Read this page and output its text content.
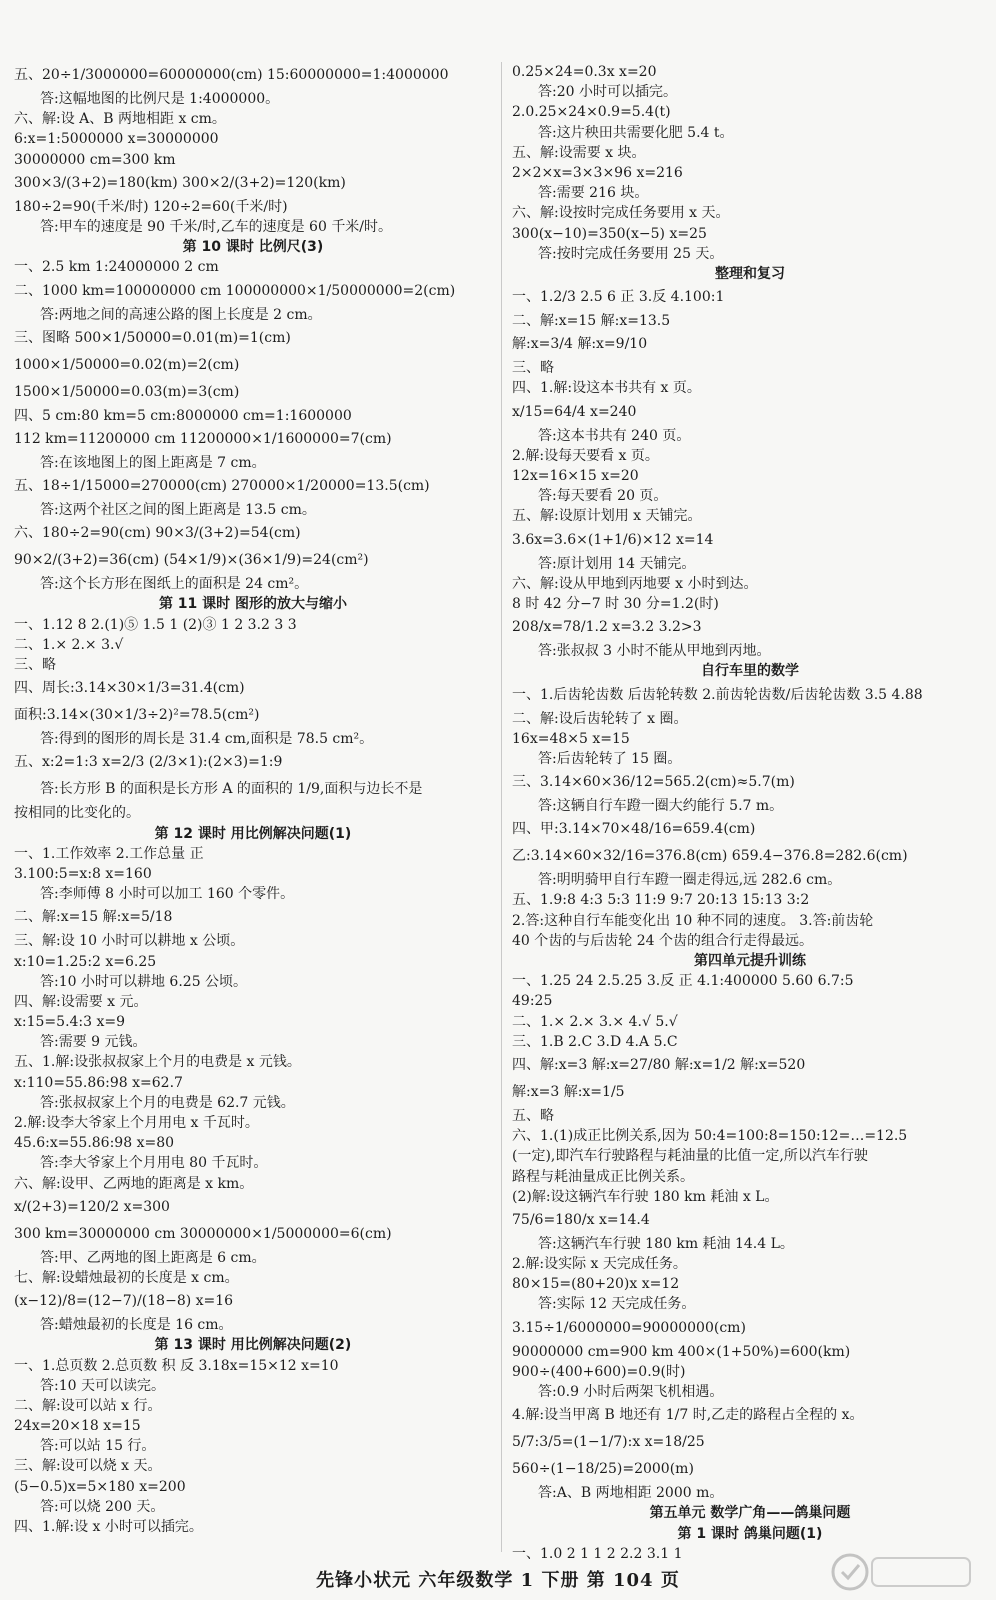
五、20÷1/3000000=60000000(cm) 15:60000000=1:4000000
答:这幅地图的比例尺是 1:4000000。
六、解:设 A、B 两地相距 x cm。
6:x=1:5000000 x=30000000
30000000 cm=300 km
300×3/(3+2)=180(km) 300×2/(3+2)=120(km)
180÷2=90(千米/时) 120÷2=60(千米/时)
答:甲车的速度是 90 千米/时,乙车的速度是 60 千米/时。
第 10 课时 比例尺(3)
一、2.5 km 1:24000000 2 cm
二、1000 km=100000000 cm 100000000×1/50000000=2(cm)
答:两地之间的高速公路的图上长度是 2 cm。
三、图略 500×1/50000=0.01(m)=1(cm)
1000×1/50000=0.02(m)=2(cm)
1500×1/50000=0.03(m)=3(cm)
四、5 cm:80 km=5 cm:8000000 cm=1:1600000
112 km=11200000 cm 11200000×1/1600000=7(cm)
答:在该地图上的图上距离是 7 cm。
五、18÷1/15000=270000(cm) 270000×1/20000=13.5(cm)
答:这两个社区之间的图上距离是 13.5 cm。
六、180÷2=90(cm) 90×3/(3+2)=54(cm)
90×2/(3+2)=36(cm) (54×1/9)×(36×1/9)=24(cm²)
答:这个长方形在图纸上的面积是 24 cm²。
第 11 课时 图形的放大与缩小
一、1.12 8 2.(1)⑤ 1.5 1 (2)③ 1 2 3.2 3 3
二、1.× 2.× 3.√
三、略
四、周长:3.14×30×1/3=31.4(cm)
面积:3.14×(30×1/3÷2)²=78.5(cm²)
答:得到的图形的周长是 31.4 cm,面积是 78.5 cm²。
五、x:2=1:3 x=2/3 (2/3×1):(2×3)=1:9
答:长方形 B 的面积是长方形 A 的面积的 1/9,面积与边长不是
按相同的比变化的。
第 12 课时 用比例解决问题(1)
一、1.工作效率 2.工作总量 正
3.100:5=x:8 x=160
答:李师傅 8 小时可以加工 160 个零件。
二、解:x=15 解:x=5/18
三、解:设 10 小时可以耕地 x 公顷。
x:10=1.25:2 x=6.25
答:10 小时可以耕地 6.25 公顷。
四、解:设需要 x 元。
x:15=5.4:3 x=9
答:需要 9 元钱。
五、1.解:设张叔叔家上个月的电费是 x 元钱。
x:110=55.86:98 x=62.7
答:张叔叔家上个月的电费是 62.7 元钱。
2.解:设李大爷家上个月用电 x 千瓦时。
45.6:x=55.86:98 x=80
答:李大爷家上个月用电 80 千瓦时。
六、解:设甲、乙两地的距离是 x km。
x/(2+3)=120/2 x=300
300 km=30000000 cm 30000000×1/5000000=6(cm)
答:甲、乙两地的图上距离是 6 cm。
七、解:设蜡烛最初的长度是 x cm。
(x−12)/8=(12−7)/(18−8) x=16
答:蜡烛最初的长度是 16 cm。
第 13 课时 用比例解决问题(2)
一、1.总页数 2.总页数 积 反 3.18x=15×12 x=10
答:10 天可以读完。
二、解:设可以站 x 行。
24x=20×18 x=15
答:可以站 15 行。
三、解:设可以烧 x 天。
(5−0.5)x=5×180 x=200
答:可以烧 200 天。
四、1.解:设 x 小时可以插完。
0.25×24=0.3x x=20
答:20 小时可以插完。
2.0.25×24×0.9=5.4(t)
答:这片秧田共需要化肥 5.4 t。
五、解:设需要 x 块。
2×2×x=3×3×96 x=216
答:需要 216 块。
六、解:设按时完成任务要用 x 天。
300(x−10)=350(x−5) x=25
答:按时完成任务要用 25 天。
整理和复习
一、1.2/3 2.5 6 正 3.反 4.100:1
二、解:x=15 解:x=13.5
解:x=3/4 解:x=9/10
三、略
四、1.解:设这本书共有 x 页。
x/15=64/4 x=240
答:这本书共有 240 页。
2.解:设每天要看 x 页。
12x=16×15 x=20
答:每天要看 20 页。
五、解:设原计划用 x 天铺完。
3.6x=3.6×(1+1/6)×12 x=14
答:原计划用 14 天铺完。
六、解:设从甲地到丙地要 x 小时到达。
8 时 42 分−7 时 30 分=1.2(时)
208/x=78/1.2 x=3.2 3.2>3
答:张叔叔 3 小时不能从甲地到丙地。
自行车里的数学
一、1.后齿轮齿数 后齿轮转数 2.前齿轮齿数/后齿轮齿数 3.5 4.88
二、解:设后齿轮转了 x 圈。
16x=48×5 x=15
答:后齿轮转了 15 圈。
三、3.14×60×36/12=565.2(cm)≈5.7(m)
答:这辆自行车蹬一圈大约能行 5.7 m。
四、甲:3.14×70×48/16=659.4(cm)
乙:3.14×60×32/16=376.8(cm) 659.4−376.8=282.6(cm)
答:明明骑甲自行车蹬一圈走得远,远 282.6 cm。
五、1.9:8 4:3 5:3 11:9 9:7 20:13 15:13 3:2
2.答:这种自行车能变化出 10 种不同的速度。 3.答:前齿轮
40 个齿的与后齿轮 24 个齿的组合行走得最远。
第四单元提升训练
一、1.25 24 2.5.25 3.反 正 4.1:400000 5.60 6.7:5
49:25
二、1.× 2.× 3.× 4.√ 5.√
三、1.B 2.C 3.D 4.A 5.C
四、解:x=3 解:x=27/80 解:x=1/2 解:x=520
解:x=3 解:x=1/5
五、略
六、1.(1)成正比例关系,因为 50:4=100:8=150:12=…=12.5
(一定),即汽车行驶路程与耗油量的比值一定,所以汽车行驶
路程与耗油量成正比例关系。
(2)解:设这辆汽车行驶 180 km 耗油 x L。
75/6=180/x x=14.4
答:这辆汽车行驶 180 km 耗油 14.4 L。
2.解:设实际 x 天完成任务。
80×15=(80+20)x x=12
答:实际 12 天完成任务。
3.15÷1/6000000=90000000(cm)
90000000 cm=900 km 400×(1+50%)=600(km)
900÷(400+600)=0.9(时)
答:0.9 小时后两架飞机相遇。
4.解:设当甲离 B 地还有 1/7 时,乙走的路程占全程的 x。
5/7:3/5=(1−1/7):x x=18/25
560÷(1−18/25)=2000(m)
答:A、B 两地相距 2000 m。
第五单元 数学广角——鸽巢问题
第 1 课时 鸽巢问题(1)
一、1.0 2 1 1 2 2.2 3.1 1
先锋小状元 六年级数学 1 下册 第 104 页
